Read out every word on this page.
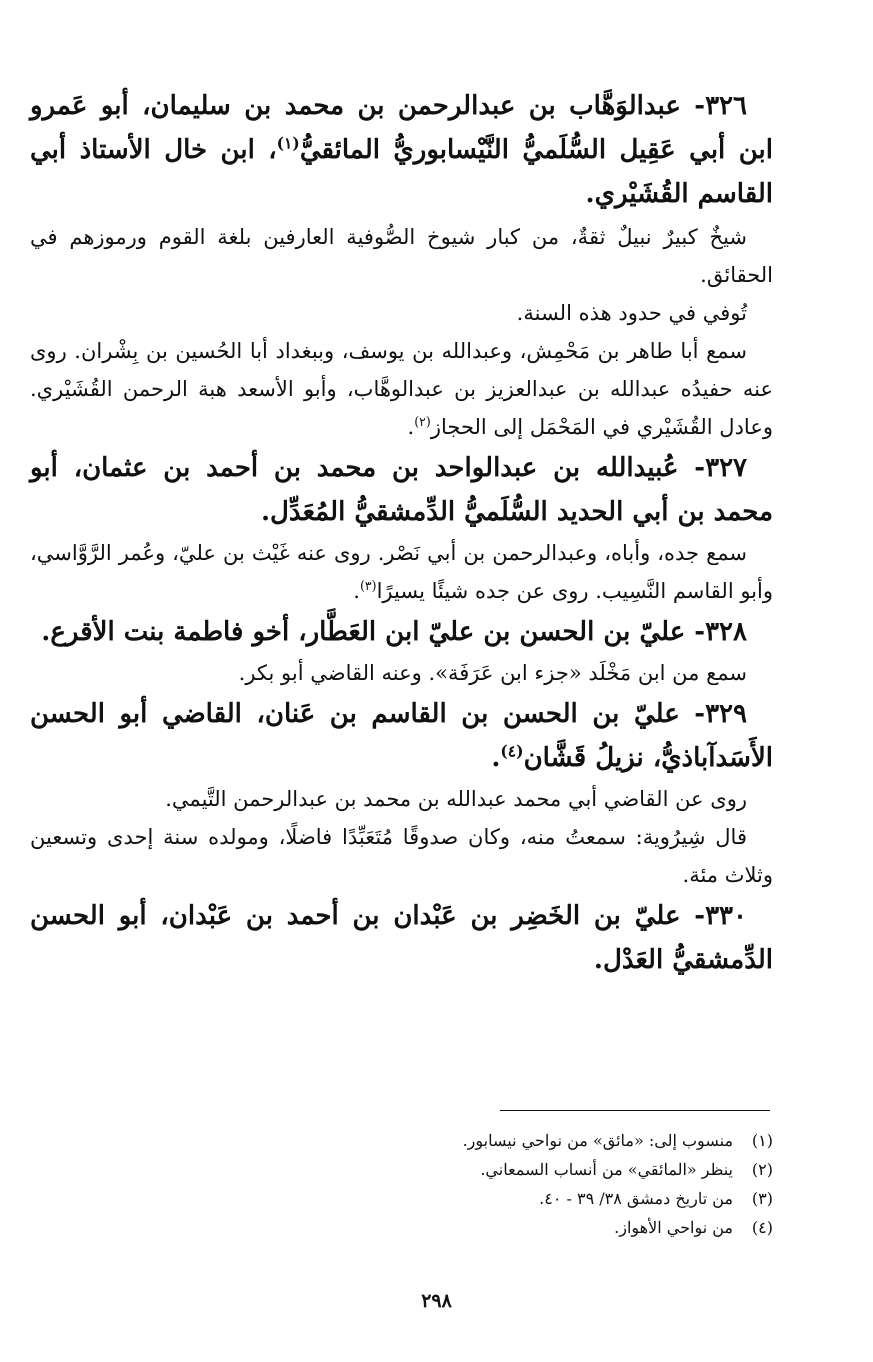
٣٢٦- عبدالوَهَّاب بن عبدالرحمن بن محمد بن سليمان، أبو عَمرو ابن أبي عَقِيل السُّلَميُّ النَّيْسابوريُّ المائقيُّ$^{(١)}$، ابن خال الأستاذ أبي القاسم القُشَيْري.

شيخٌ كبيرٌ نبيلٌ ثقةٌ، من كبار شيوخ الصُّوفية العارفين بلغة القوم ورموزهم في الحقائق.

تُوفي في حدود هذه السنة.

سمع أبا طاهر بن مَحْمِش، وعبدالله بن يوسف، وببغداد أبا الحُسين بن بِشْران. روى عنه حفيدُه عبدالله بن عبدالعزيز بن عبدالوهَّاب، وأبو الأسعد هبة الرحمن القُشَيْري. وعادل القُشَيْري في المَحْمَل إلى الحجاز$^{(٢)}$.

٣٢٧- عُبيدالله بن عبدالواحد بن محمد بن أحمد بن عثمان، أبو محمد بن أبي الحديد السُّلَميُّ الدِّمشقيُّ المُعَدِّل.

سمع جده، وأباه، وعبدالرحمن بن أبي نَصْر. روى عنه غَيْث بن عليّ، وعُمر الرَّوَّاسي، وأبو القاسم النَّسِيب. روى عن جده شيئًا يسيرًا$^{(٣)}$.

٣٢٨- عليّ بن الحسن بن عليّ ابن العَطَّار، أخو فاطمة بنت الأقرع.

سمع من ابن مَخْلَد «جزء ابن عَرَفَة». وعنه القاضي أبو بكر.

٣٢٩- عليّ بن الحسن بن القاسم بن عَنان، القاضي أبو الحسن الأَسَدآباذيُّ، نزيلُ قَشَّان$^{(٤)}$.

روى عن القاضي أبي محمد عبدالله بن محمد بن عبدالرحمن التَّيمي.

قال شِيرُوية: سمعتُ منه، وكان صدوقًا مُتَعَبِّدًا فاضلًا، ومولده سنة إحدى وتسعين وثلاث مئة.

٣٣٠- عليّ بن الخَضِر بن عَبْدان بن أحمد بن عَبْدان، أبو الحسن الدِّمشقيُّ العَدْل.

(١)
منسوب إلى: «مائق» من نواحي نيسابور.
(٢)
ينظر «المائقي» من أنساب السمعاني.
(٣)
من تاريخ دمشق ٣٨/ ٣٩ - ٤٠.
(٤)
من نواحي الأهواز.
٢٩٨
